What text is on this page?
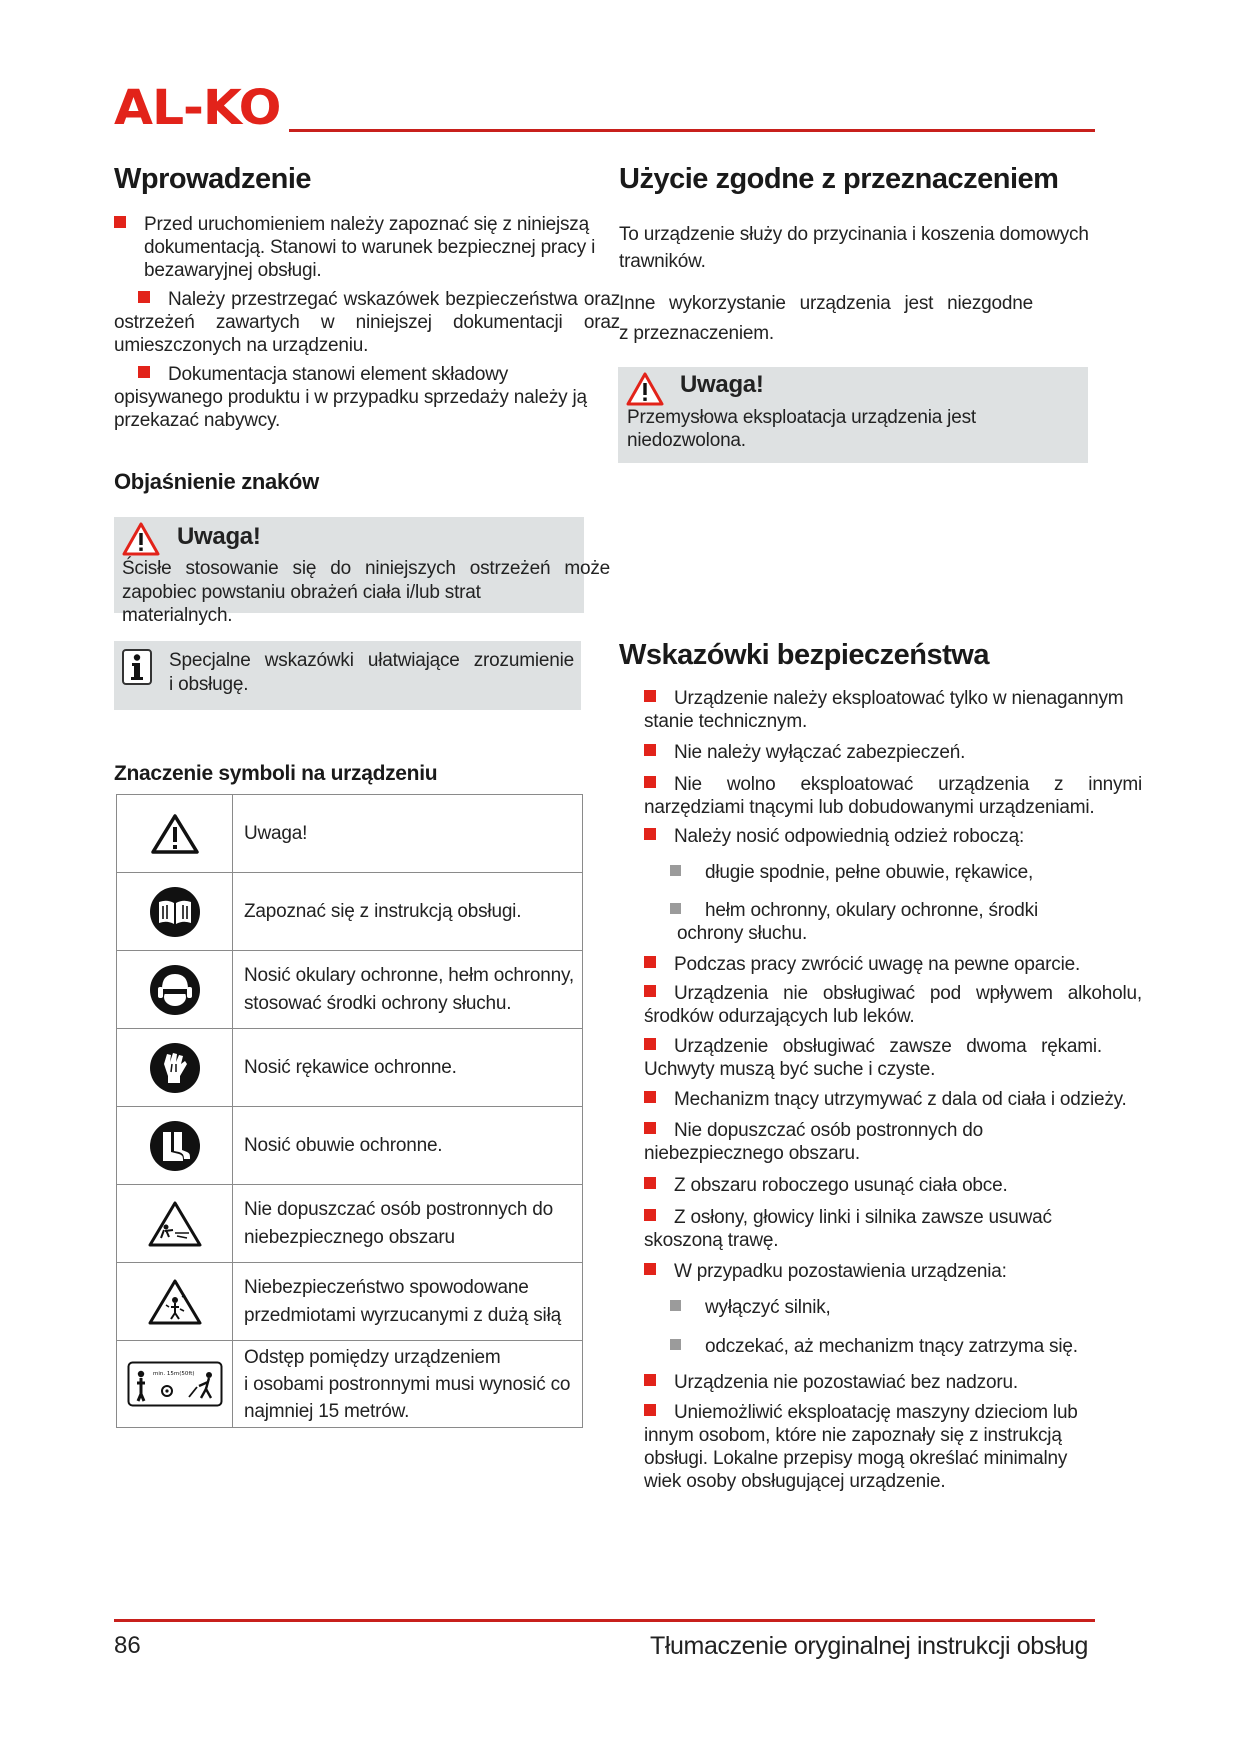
AL-KO
Wprowadzenie

Przed uruchomieniem należy zapoznać się z niniejszą dokumentacją. Stanowi to warunek bezpiecznej pracy i bezawaryjnej obsługi.

Należy przestrzegać wskazówek bezpieczeństwa oraz ostrzeżeń zawartych w niniejszej dokumentacji oraz umieszczonych na urządzeniu.

Dokumentacja stanowi element składowy opisywanego produktu i w przypadku sprzedaży należy ją przekazać nabywcy.

Objaśnienie znaków
Uwaga!
Ścisłe stosowanie się do niniejszych ostrzeżeń może
zapobiec powstaniu obrażeń ciała i/lub strat materialnych.
Specjalne wskazówki ułatwiające zrozumienie
i obsługę.
Znaczenie symboli na urządzeniu
	Uwaga!

	Zapoznać się z instrukcją obsługi.

Nosić okulary ochronne, hełm ochronny,
stosować środki ochrony słuchu.

	Nosić rękawice ochronne.

	Nosić obuwie ochronne.

Nie dopuszczać osób postronnych do
niebezpiecznego obszaru

Niebezpieczeństwo spowodowane
przedmiotami wyrzucanymi z dużą siłą

min. 15m(50ft)	Odstęp pomiędzy urządzeniem
i osobami postronnymi musi wynosić co
najmniej 15 metrów.
Użycie zgodne z przeznaczeniem
To urządzenie służy do przycinania i koszenia domowych
trawników.
Inne wykorzystanie urządzenia jest niezgodne
z przeznaczeniem.
Uwaga!
Przemysłowa eksploatacja urządzenia jest niedozwolona.
Wskazówki bezpieczeństwa

Urządzenie należy eksploatować tylko w nienagannym stanie technicznym.

Nie należy wyłączać zabezpieczeń.

Nie wolno eksploatować urządzenia z innymi narzędziami tnącymi lub dobudowanymi urządzeniami.

Należy nosić odpowiednią odzież roboczą:

długie spodnie, pełne obuwie, rękawice,

hełm ochronny, okulary ochronne, środki ochrony słuchu.

Podczas pracy zwrócić uwagę na pewne oparcie.

Urządzenia nie obsługiwać pod wpływem alkoholu, środków odurzających lub leków.

Urządzenie obsługiwać zawsze dwoma rękami. Uchwyty muszą być suche i czyste.

Mechanizm tnący utrzymywać z dala od ciała i odzieży.

Nie dopuszczać osób postronnych do niebezpiecznego obszaru.

Z obszaru roboczego usunąć ciała obce.

Z osłony, głowicy linki i silnika zawsze usuwać skoszoną trawę.

W przypadku pozostawienia urządzenia:

wyłączyć silnik,

odczekać, aż mechanizm tnący zatrzyma się.

Urządzenia nie pozostawiać bez nadzoru.

Uniemożliwić eksploatację maszyny dzieciom lub innym osobom, które nie zapoznały się z instrukcją obsługi. Lokalne przepisy mogą określać minimalny wiek osoby obsługującej urządzenie.

86	Tłumaczenie oryginalnej instrukcji obsług
